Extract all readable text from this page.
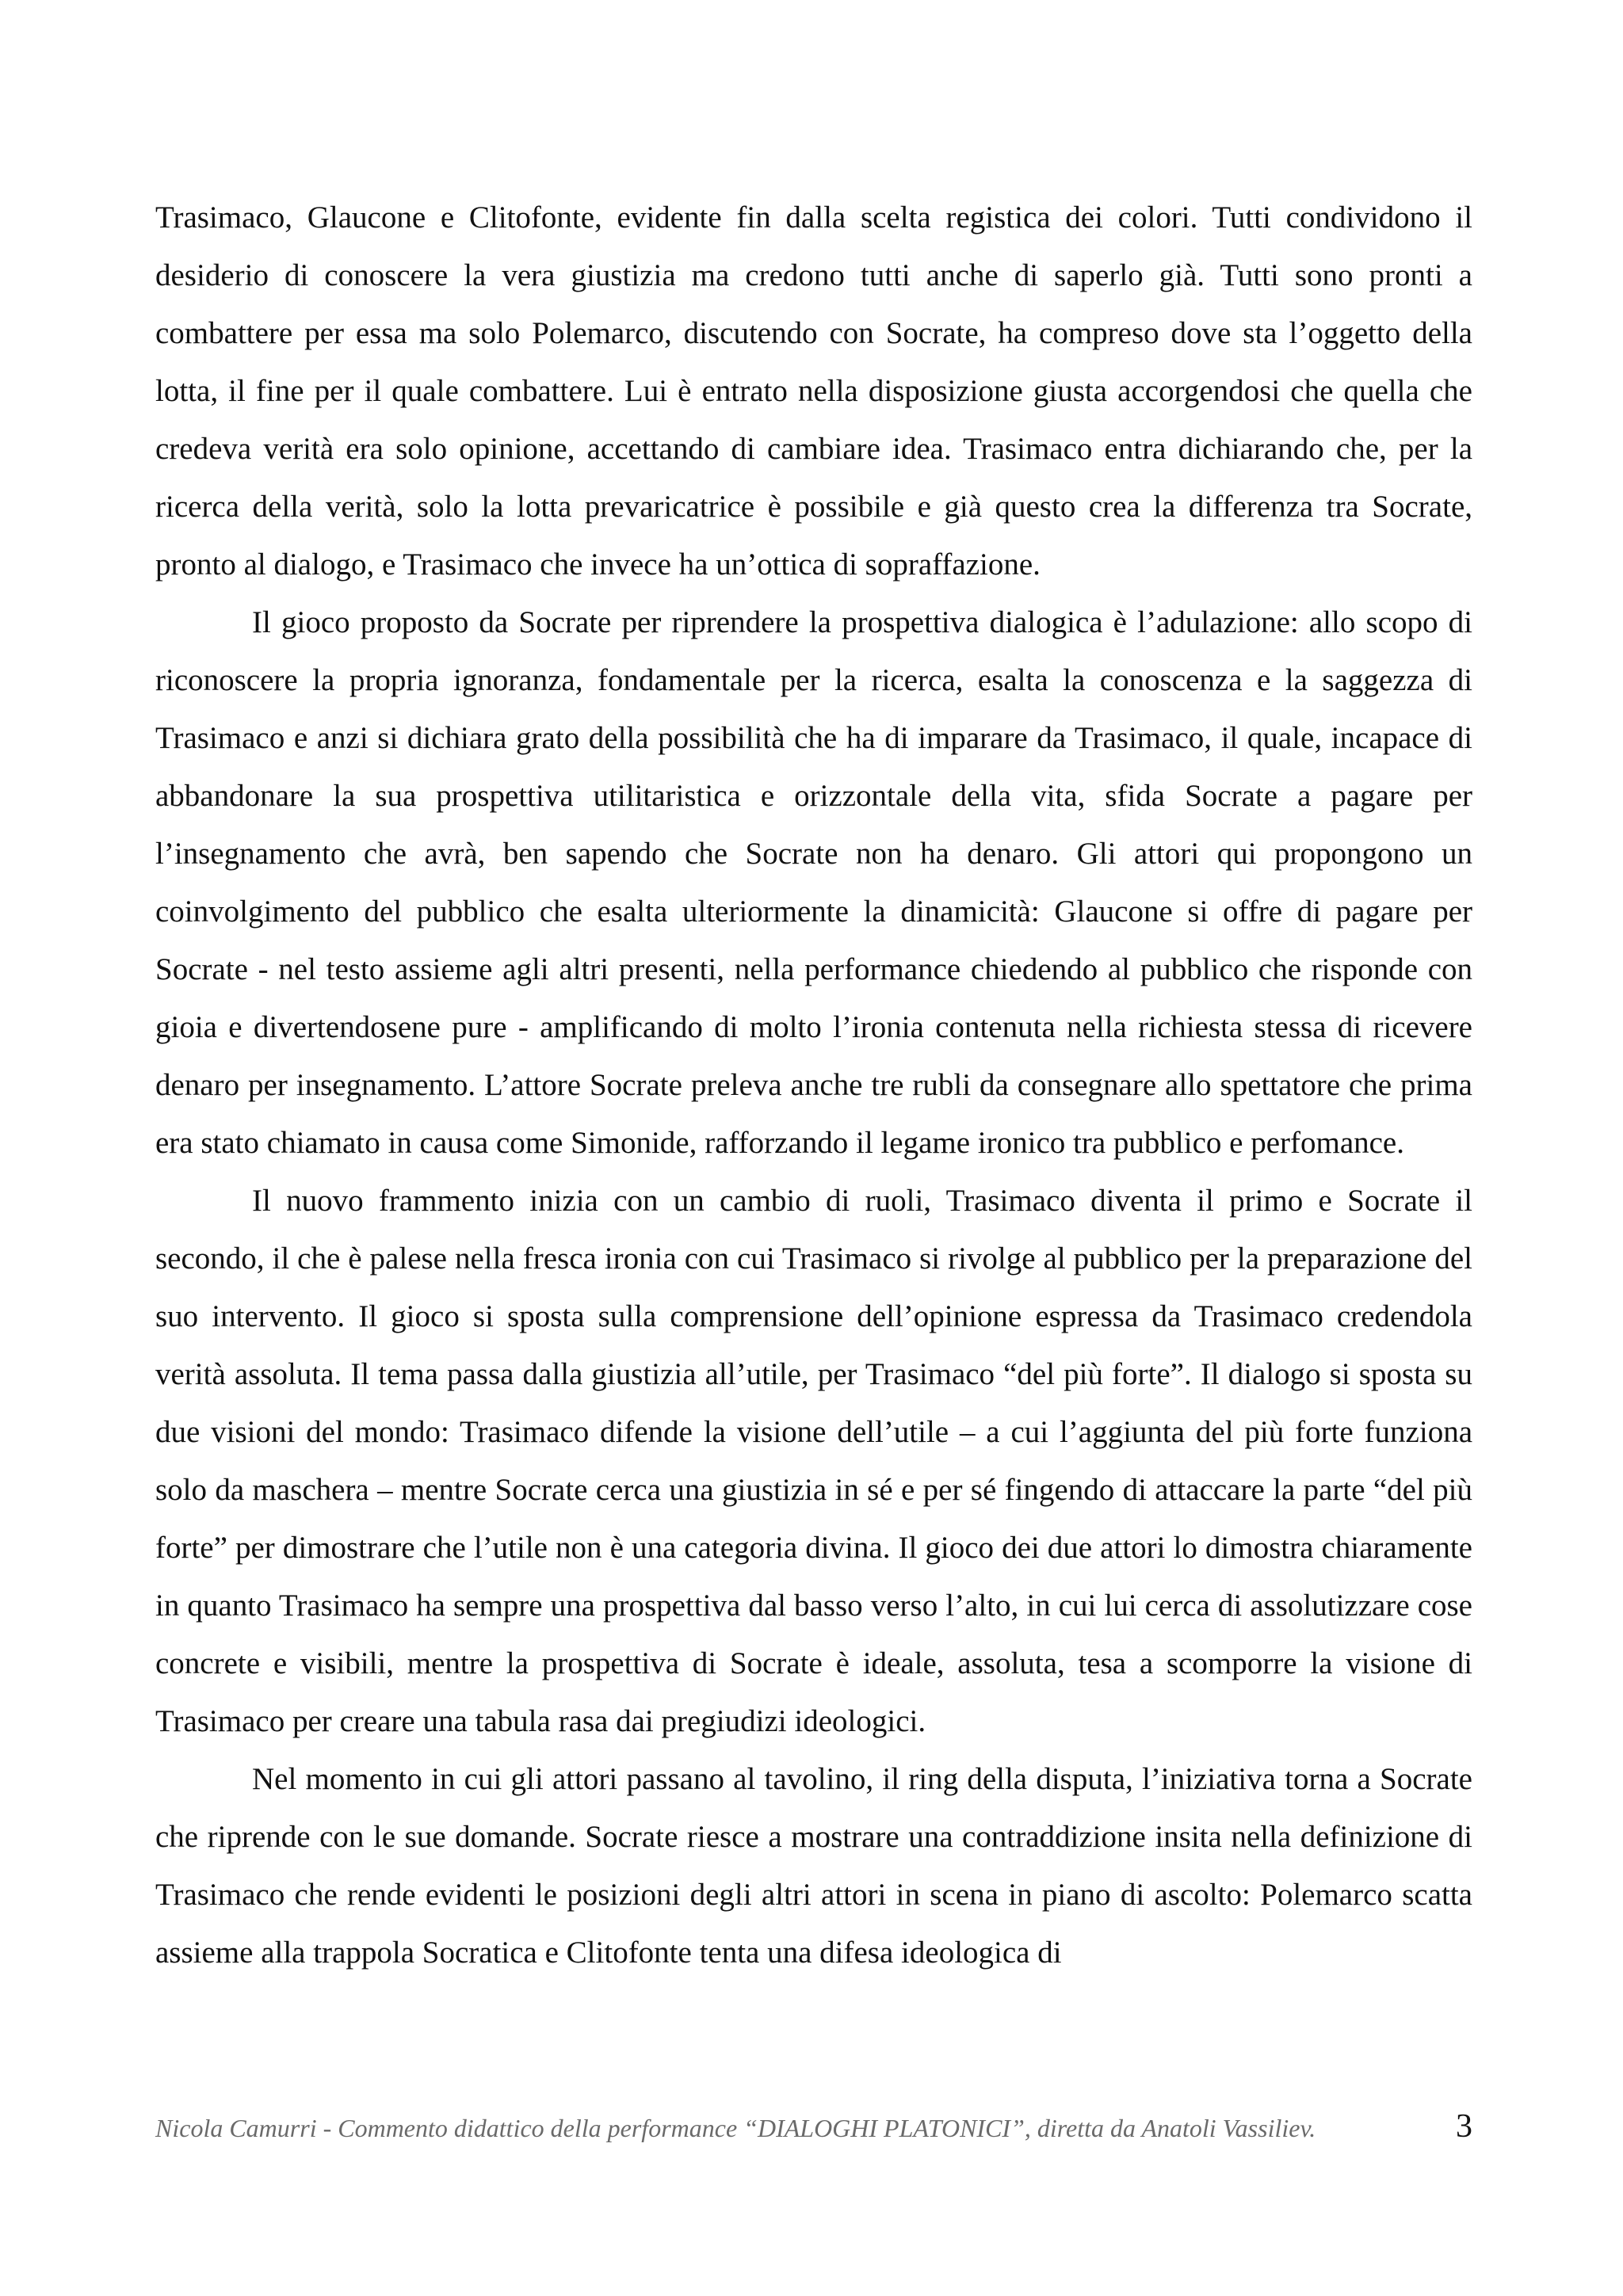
Trasimaco, Glaucone e Clitofonte, evidente fin dalla scelta registica dei colori. Tutti condividono il desiderio di conoscere la vera giustizia ma credono tutti anche di saperlo già. Tutti sono pronti a combattere per essa ma solo Polemarco, discutendo con Socrate, ha compreso dove sta l’oggetto della lotta, il fine per il quale combattere. Lui è entrato nella disposizione giusta accorgendosi che quella che credeva verità era solo opinione, accettando di cambiare idea. Trasimaco entra dichiarando che, per la ricerca della verità, solo la lotta prevaricatrice è possibile e già questo crea la differenza tra Socrate, pronto al dialogo, e Trasimaco che invece ha un’ottica di sopraffazione.

Il gioco proposto da Socrate per riprendere la prospettiva dialogica è l’adulazione: allo scopo di riconoscere la propria ignoranza, fondamentale per la ricerca, esalta la conoscenza e la saggezza di Trasimaco e anzi si dichiara grato della possibilità che ha di imparare da Trasimaco, il quale, incapace di abbandonare la sua prospettiva utilitaristica e orizzontale della vita, sfida Socrate a pagare per l’insegnamento che avrà, ben sapendo che Socrate non ha denaro. Gli attori qui propongono un coinvolgimento del pubblico che esalta ulteriormente la dinamicità: Glaucone si offre di pagare per Socrate - nel testo assieme agli altri presenti, nella performance chiedendo al pubblico che risponde con gioia e divertendosene pure - amplificando di molto l’ironia contenuta nella richiesta stessa di ricevere denaro per insegnamento. L’attore Socrate preleva anche tre rubli da consegnare allo spettatore che prima era stato chiamato in causa come Simonide, rafforzando il legame ironico tra pubblico e perfomance.

Il nuovo frammento inizia con un cambio di ruoli, Trasimaco diventa il primo e Socrate il secondo, il che è palese nella fresca ironia con cui Trasimaco si rivolge al pubblico per la preparazione del suo intervento. Il gioco si sposta sulla comprensione dell’opinione espressa da Trasimaco credendola verità assoluta. Il tema passa dalla giustizia all’utile, per Trasimaco “del più forte”. Il dialogo si sposta su due visioni del mondo: Trasimaco difende la visione dell’utile – a cui l’aggiunta del più forte funziona solo da maschera – mentre Socrate cerca una giustizia in sé e per sé fingendo di attaccare la parte “del più forte” per dimostrare che l’utile non è una categoria divina. Il gioco dei due attori lo dimostra chiaramente in quanto Trasimaco ha sempre una prospettiva dal basso verso l’alto, in cui lui cerca di assolutizzare cose concrete e visibili, mentre la prospettiva di Socrate è ideale, assoluta, tesa a scomporre la visione di Trasimaco per creare una tabula rasa dai pregiudizi ideologici.

Nel momento in cui gli attori passano al tavolino, il ring della disputa, l’iniziativa torna a Socrate che riprende con le sue domande. Socrate riesce a mostrare una contraddizione insita nella definizione di Trasimaco che rende evidenti le posizioni degli altri attori in scena in piano di ascolto: Polemarco scatta assieme alla trappola Socratica e Clitofonte tenta una difesa ideologica di

Nicola Camurri - Commento didattico della performance “DIALOGHI PLATONICI”, diretta da Anatoli Vassiliev.	3
